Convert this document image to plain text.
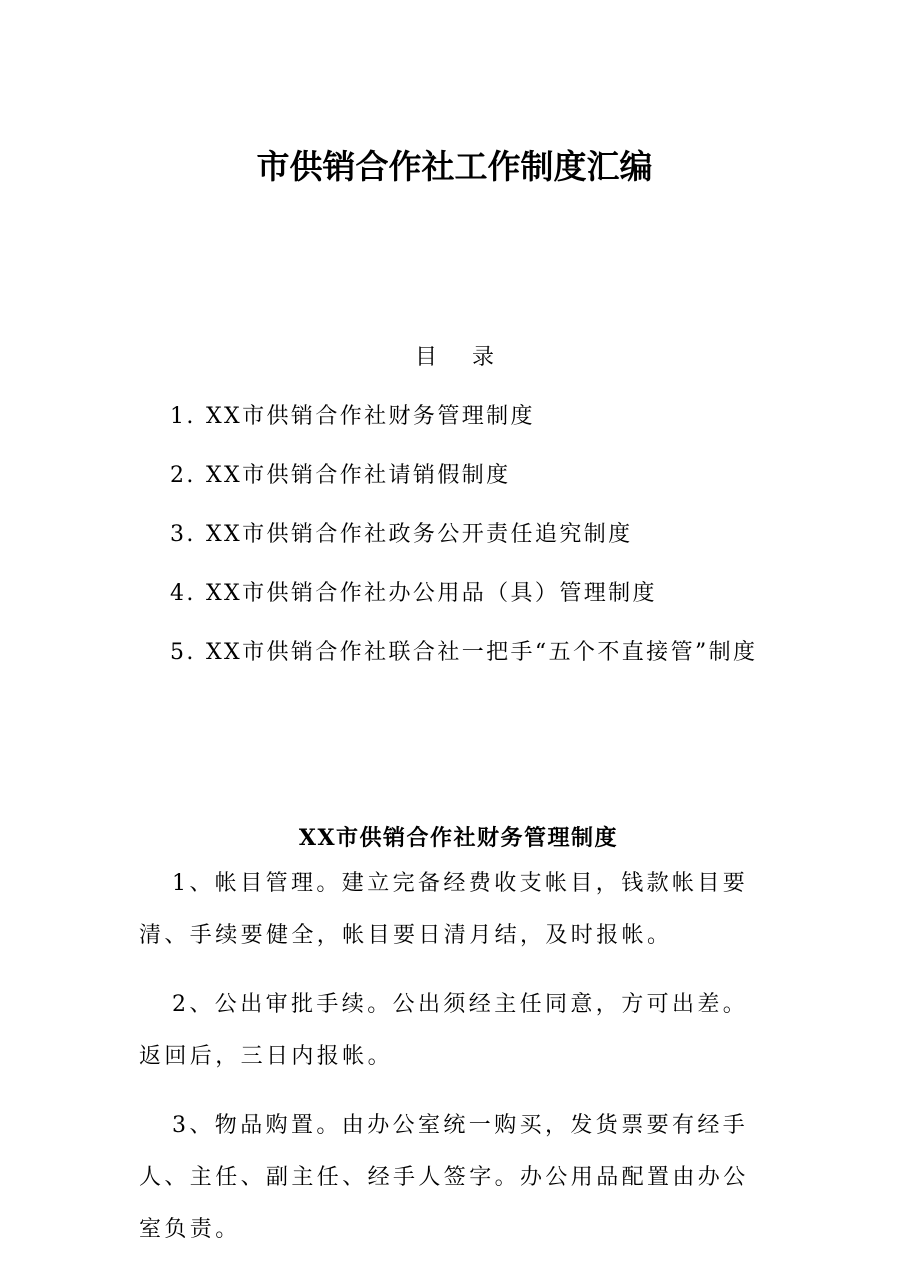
市供销合作社工作制度汇编
目 录
1. XX市供销合作社财务管理制度
2. XX市供销合作社请销假制度
3. XX市供销合作社政务公开责任追究制度
4. XX市供销合作社办公用品（具）管理制度
5. XX市供销合作社联合社一把手“五个不直接管”制度
XX市供销合作社财务管理制度

1、帐目管理。建立完备经费收支帐目，钱款帐目要清、手续要健全，帐目要日清月结，及时报帐。

2、公出审批手续。公出须经主任同意，方可出差。返回后，三日内报帐。

3、物品购置。由办公室统一购买，发货票要有经手人、主任、副主任、经手人签字。办公用品配置由办公室负责。
